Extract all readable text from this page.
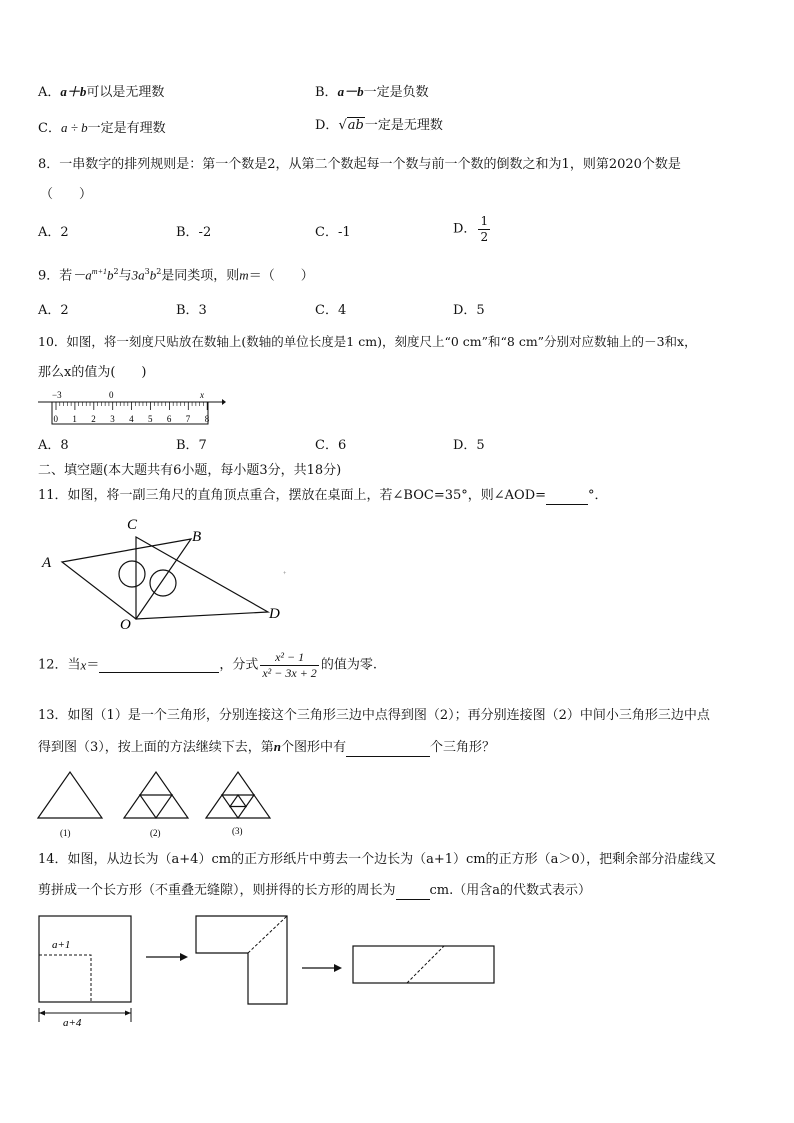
A．a＋b可以是无理数	B．a－b一定是负数
C．a ÷ b一定是有理数	D．√ab一定是无理数
8．一串数字的排列规则是：第一个数是2，从第二个数起每一个数与前一个数的倒数之和为1，则第2020个数是
（　　）
A．2	B．-2	C．-1	D． $\frac{1}{2}$
9．若$-a^{m+1}b^2$与$3a^3b^2$是同类项，则m＝（　　）
A．2	B．3	C．4	D．5
10．如图，将一刻度尺贴放在数轴上(数轴的单位长度是1 cm)，刻度尺上“0 cm”和“8 cm”分别对应数轴上的－3和x，
那么x的值为(　　)
−3	0	x
0 1 2 3 4 5 6 7 8
A．8	B．7	C．6	D．5
二、填空题(本大题共有6小题，每小题3分，共18分)
11．如图，将一副三角尺的直角顶点重合，摆放在桌面上，若∠BOC=35°，则∠AOD=	°．
A
B
C
D
O
+
12．当x＝	，分式 $\frac{\text{x² − 1}}{\text{x² − 3x + 2}}$ 的值为零.
13．如图（1）是一个三角形，分别连接这个三角形三边中点得到图（2）；再分别连接图（2）中间小三角形三边中点
得到图（3），按上面的方法继续下去，第n个图形中有	个三角形？
(1)	(2)	(3)
14．如图，从边长为（a+4）cm的正方形纸片中剪去一个边长为（a+1）cm的正方形（a＞0），把剩余部分沿虚线又
剪拼成一个长方形（不重叠无缝隙），则拼得的长方形的周长为	cm.（用含a的代数式表示）
a+1
a+4
